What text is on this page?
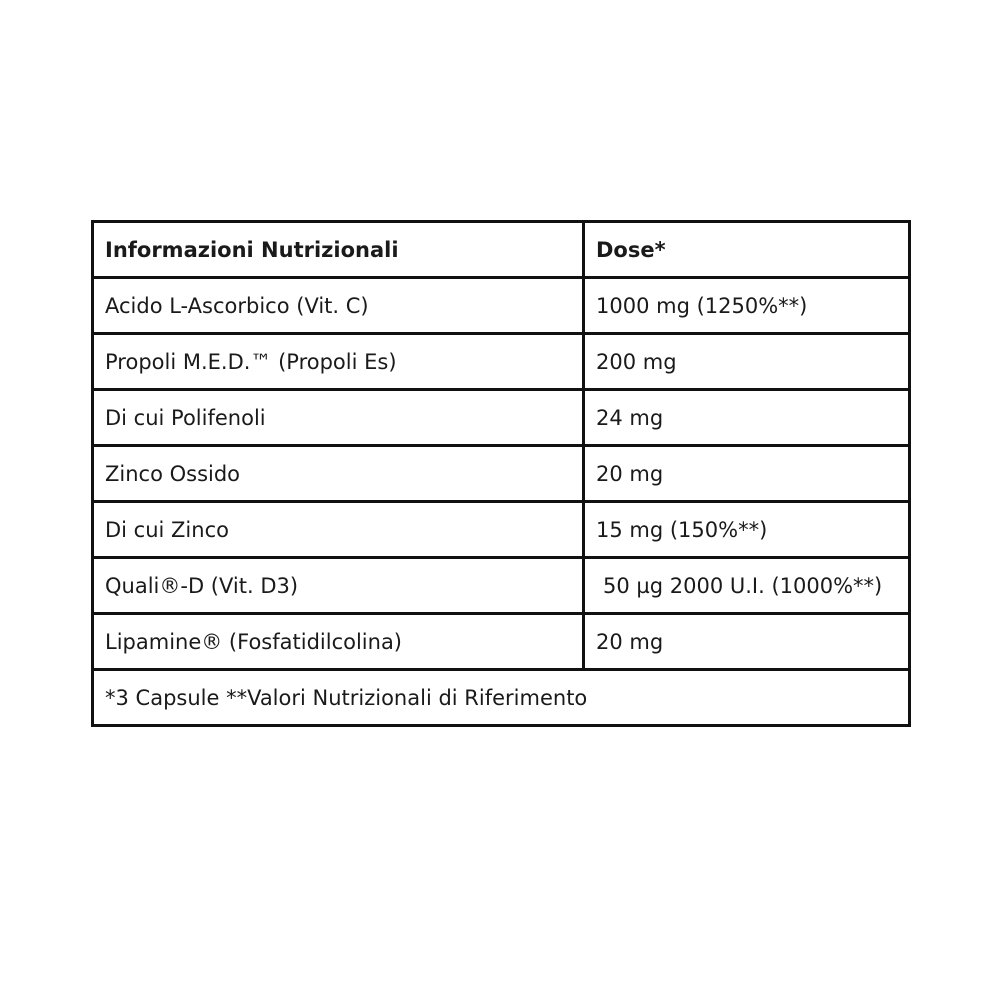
Informazioni Nutrizionali	Dose*
Acido L-Ascorbico (Vit. C)	1000 mg (1250%**)
Propoli M.E.D.™ (Propoli Es)	200 mg
Di cui Polifenoli	24 mg
Zinco Ossido	20 mg
Di cui Zinco	15 mg (150%**)
Quali®-D (Vit. D3)	50 µg 2000 U.I. (1000%**)
Lipamine® (Fosfatidilcolina)	20 mg
*3 Capsule **Valori Nutrizionali di Riferimento	
